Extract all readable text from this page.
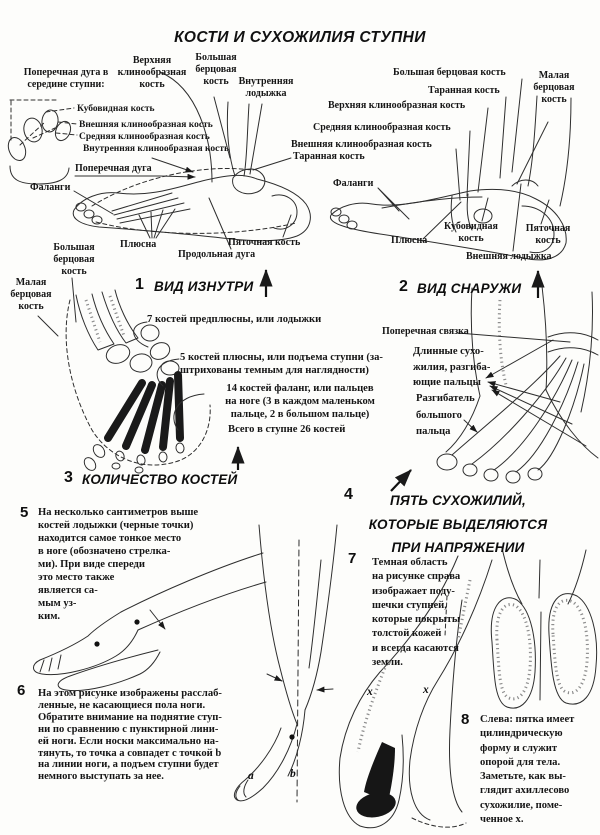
КОСТИ И СУХОЖИЛИЯ СТУПНИ
Поперечная дуга в середине ступни:
Верхняя клинообразная кость
Большая берцовая кость Внутренняя лодыжка
Кубовидная кость
Внешняя клинообразная кость
Средняя клинообразная кость
Внутренняя клинообразная кость
Поперечная дуга
Фаланги
Таранная кость
Плюсна
Продольная дуга
Пяточная кость
Большая берцовая кость
Малая берцовая кость
1 ВИД ИЗНУТРИ
Большая берцовая кость
Таранная кость
Малая берцовая кость
Верхняя клинообразная кость
Средняя клинообразная кость
Внешняя клинообразная кость
Фаланги
Плюсна
Кубовидная кость
Пяточная кость
Внешняя лодыжка
2 ВИД СНАРУЖИ
7 костей предплюсны, или лодыжки
5 костей плюсны, или подъема ступни (за-
штрихованы темным для наглядности)
14 костей фаланг, или пальцев
на ноге (3 в каждом маленьком
пальце, 2 в большом пальце)
Всего в ступне 26 костей
3 КОЛИЧЕСТВО КОСТЕЙ
Поперечная связка
Длинные сухо-
жилия, разгиба-
ющие пальцы
Разгибатель
большого
пальца
4	ПЯТЬ СУХОЖИЛИЙ,
КОТОРЫЕ ВЫДЕЛЯЮТСЯ
ПРИ НАПРЯЖЕНИИ
5 На несколько сантиметров выше
костей лодыжки (черные точки)
находится самое тонкое место
в ноге (обозначено стрелка-
ми). При виде спереди
это место также
является са-
мым уз-
ким.
6 На этом рисунке изображены расслаб-
ленные, не касающиеся пола ноги.
Обратите внимание на поднятие ступ-
ни по сравнению с пунктирной лини-
ей ноги. Если носки максимально на-
тянуть, то точка a совпадет с точкой b
на линии ноги, а подъем ступни будет
немного выступать за нее.
7 Темная область
на рисунке справа
изображает поду-
шечки ступней,
которые покрыты
толстой кожей
и всегда касаются
земли.
8 Слева: пятка имеет
цилиндрическую
форму и служит
опорой для тела.
Заметьте, как вы-
глядит ахиллесово
сухожилие, поме-
ченное x.
a	b
x	x
